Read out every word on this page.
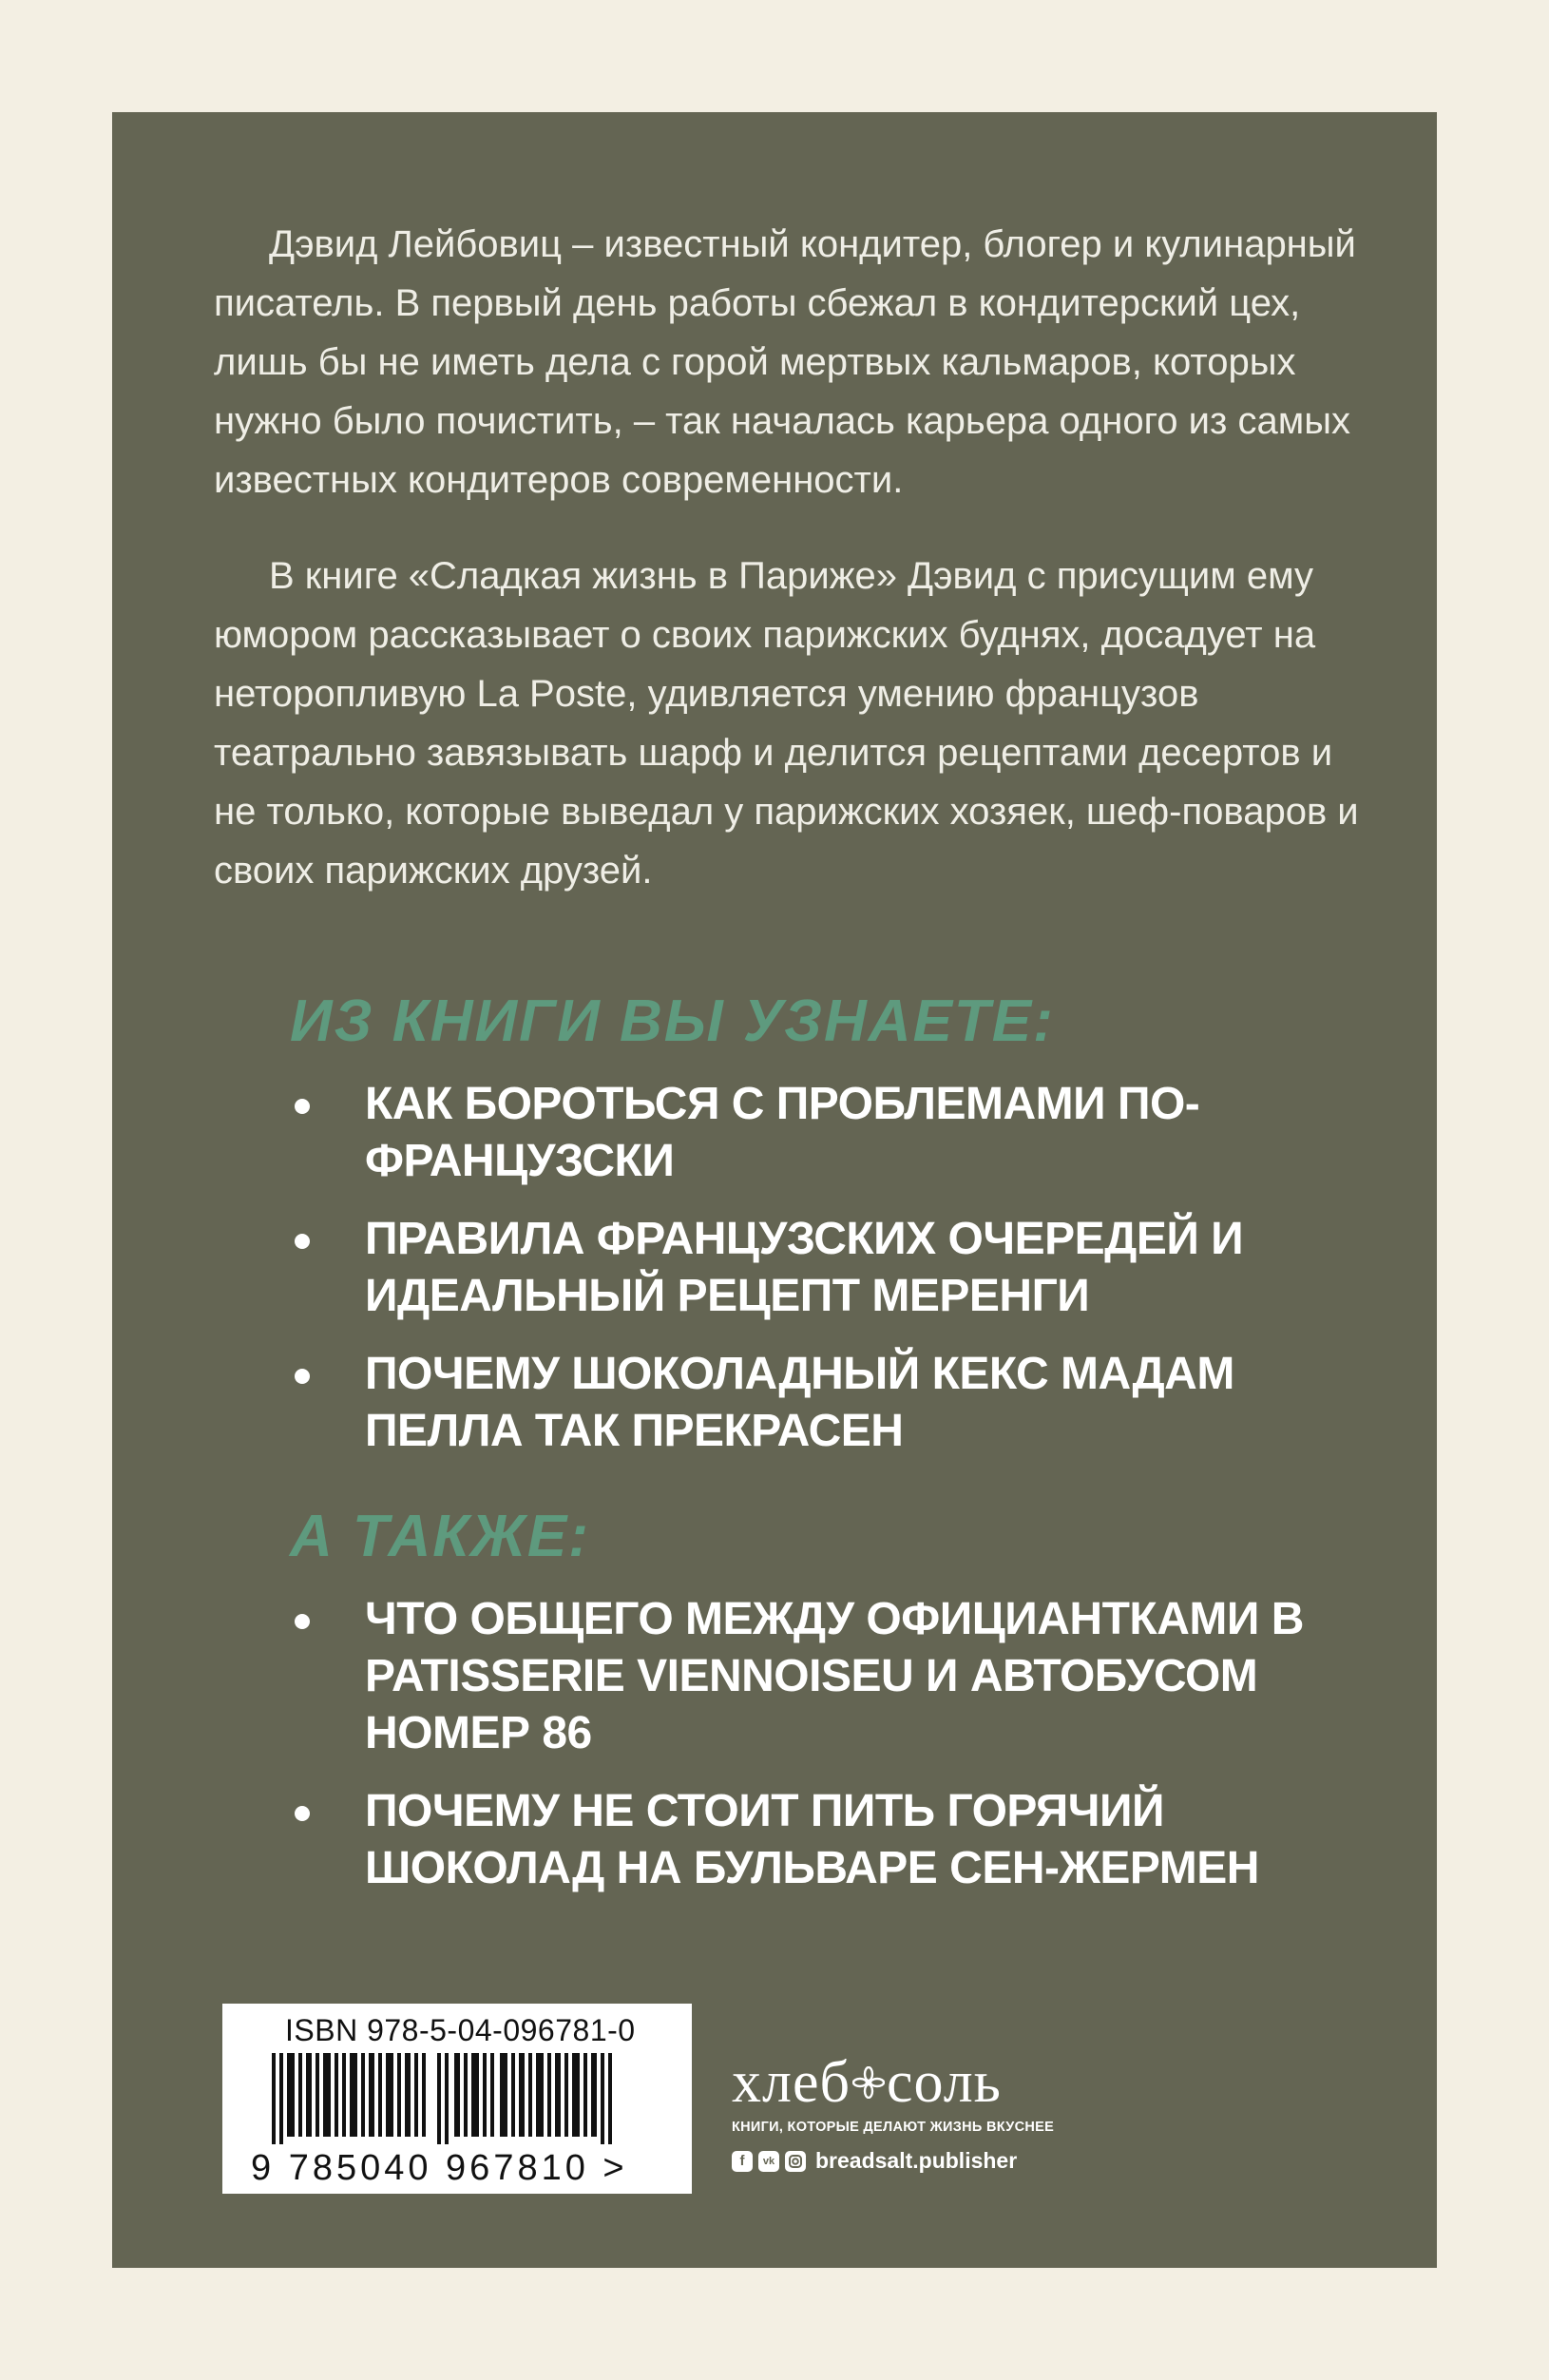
Дэвид Лейбовиц – известный кондитер, блогер и кулинарный писатель. В первый день работы сбежал в кондитерский цех, лишь бы не иметь дела с горой мертвых кальмаров, которых нужно было почистить, – так началась карьера одного из самых известных кондитеров современности.

В книге «Сладкая жизнь в Париже» Дэвид с присущим ему юмором рассказывает о своих парижских буднях, досадует на неторопливую La Poste, удивляется умению французов театрально завязывать шарф и делится рецептами десертов и не только, которые выведал у парижских хозяек, шеф-поваров и своих парижских друзей.

ИЗ КНИГИ ВЫ УЗНАЕТЕ:
КАК БОРОТЬСЯ С ПРОБЛЕМАМИ ПО-ФРАНЦУЗСКИ
ПРАВИЛА ФРАНЦУЗСКИХ ОЧЕРЕДЕЙ И ИДЕАЛЬНЫЙ РЕЦЕПТ МЕРЕНГИ
ПОЧЕМУ ШОКОЛАДНЫЙ КЕКС МАДАМ ПЕЛЛА ТАК ПРЕКРАСЕН
А ТАКЖЕ:
ЧТО ОБЩЕГО МЕЖДУ ОФИЦИАНТКАМИ В PATISSERIE VIENNOISEU И АВТОБУСОМ НОМЕР 86
ПОЧЕМУ НЕ СТОИТ ПИТЬ ГОРЯЧИЙ ШОКОЛАД НА БУЛЬВАРЕ СЕН-ЖЕРМЕН

ISBN 978-5-04-096781-0

9 785040 967810 >

хлеб соль

КНИГИ, КОТОРЫЕ ДЕЛАЮТ ЖИЗНЬ ВКУСНЕЕ

f	vk breadsalt.publisher
